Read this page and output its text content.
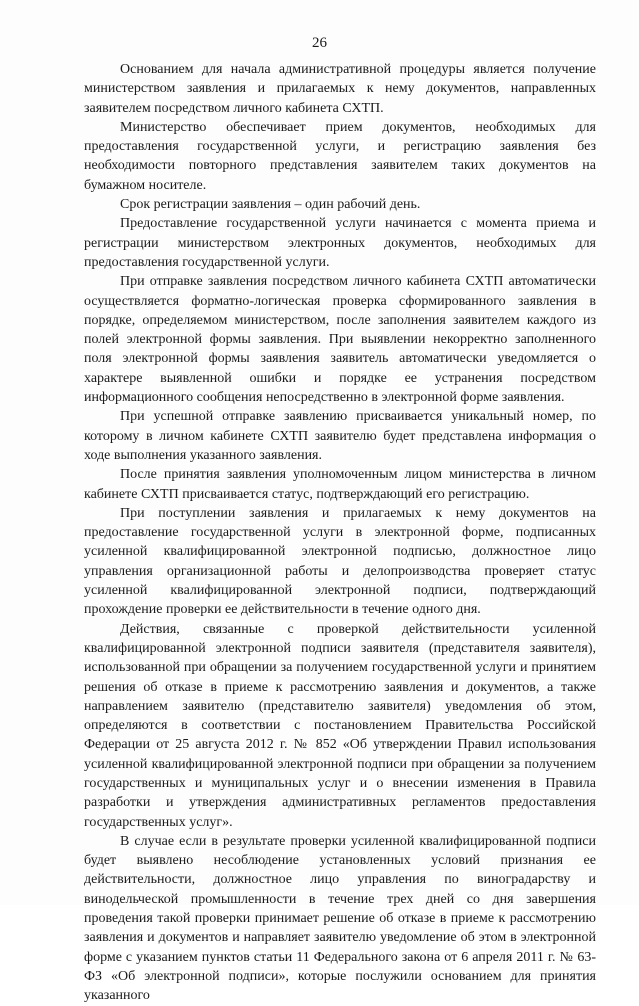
26

Основанием для начала административной процедуры является получение министерством заявления и прилагаемых к нему документов, направленных заявителем посредством личного кабинета СХТП.

Министерство обеспечивает прием документов, необходимых для предоставления государственной услуги, и регистрацию заявления без необходимости повторного представления заявителем таких документов на бумажном носителе.

Срок регистрации заявления – один рабочий день.

Предоставление государственной услуги начинается с момента приема и регистрации министерством электронных документов, необходимых для предоставления государственной услуги.

При отправке заявления посредством личного кабинета СХТП автоматически осуществляется форматно-логическая проверка сформированного заявления в порядке, определяемом министерством, после заполнения заявителем каждого из полей электронной формы заявления. При выявлении некорректно заполненного поля электронной формы заявления заявитель автоматически уведомляется о характере выявленной ошибки и порядке ее устранения посредством информационного сообщения непосредственно в электронной форме заявления.

При успешной отправке заявлению присваивается уникальный номер, по которому в личном кабинете СХТП заявителю будет представлена информация о ходе выполнения указанного заявления.

После принятия заявления уполномоченным лицом министерства в личном кабинете СХТП присваивается статус, подтверждающий его регистрацию.

При поступлении заявления и прилагаемых к нему документов на предоставление государственной услуги в электронной форме, подписанных усиленной квалифицированной электронной подписью, должностное лицо управления организационной работы и делопроизводства проверяет статус усиленной квалифицированной электронной подписи, подтверждающий прохождение проверки ее действительности в течение одного дня.

Действия, связанные с проверкой действительности усиленной квалифицированной электронной подписи заявителя (представителя заявителя), использованной при обращении за получением государственной услуги и принятием решения об отказе в приеме к рассмотрению заявления и документов, а также направлением заявителю (представителю заявителя) уведомления об этом, определяются в соответствии с постановлением Правительства Российской Федерации от 25 августа 2012 г. № 852 «Об утверждении Правил использования усиленной квалифицированной электронной подписи при обращении за получением государственных и муниципальных услуг и о внесении изменения в Правила разработки и утверждения административных регламентов предоставления государственных услуг».

В случае если в результате проверки усиленной квалифицированной подписи будет выявлено несоблюдение установленных условий признания ее действительности, должностное лицо управления по виноградарству и винодельческой промышленности в течение трех дней со дня завершения проведения такой проверки принимает решение об отказе в приеме к рассмотрению заявления и документов и направляет заявителю уведомление об этом в электронной форме с указанием пунктов статьи 11 Федерального закона от 6 апреля 2011 г. № 63-ФЗ «Об электронной подписи», которые послужили основанием для принятия указанного
